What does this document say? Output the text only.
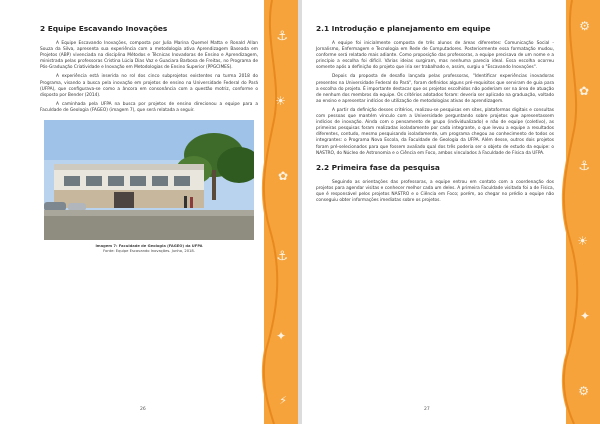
⚓
☀
✿
⚓
✦
⚡
2 Equipe Escavando Inovações

A Equipe Escavando Inovações, composta por Julia Marina Quemel Matta e Ronald Allan Souza da Silva, apresenta sua experiência com a metodologia ativa Aprendizagem Baseada em Projetos (ABP) vivenciada na disciplina Métodos e Técnicas Inovadoras de Ensino e Aprendizagem, ministrada pelas professoras Cristina Lúcia Dias Vaz e Guaciara Barbosa de Freitas, no Programa de Pós-Graduação Criatividade e Inovação em Metodologias de Ensino Superior (PPGCIMES).

A experiência está inserida no rol dos cinco subprojetos existentes na turma 2018 do Programa, visando a busca pela inovação em projetos de ensino na Universidade Federal do Pará (UFPA), que configurava-se como a âncora em consonância com a questão motriz, conforme o disposto por Bender (2014).

A caminhada pela UFPA na busca por projetos de ensino direcionou a equipe para a Faculdade de Geologia (FAGEO) (imagem 7), que será relatada a seguir.

Imagem 7: Faculdade de Geologia (FAGEO) da UFPA
Fonte: Equipe Escavando Inovações. Junho, 2018.
26
⚙
✿
⚓
☀
✦
⚙
2.1 Introdução e planejamento em equipe

A equipe foi inicialmente composta de três alunos de áreas diferentes: Comunicação Social - Jornalismo, Enfermagem e Tecnologia em Rede de Computadores. Posteriormente essa formatação mudou, conforme será relatado mais adiante. Como proposição das professoras, a equipe precisava de um nome e a princípio a escolha foi difícil. Várias ideias surgiram, mas nenhuma parecia ideal. Essa escolha ocorreu somente após a definição do projeto que iria ser trabalhado e, assim, surgiu o "Escavando Inovações".

Depois da proposta de desafio lançada pelas professoras, "Identificar experiências inovadoras presentes na Universidade Federal do Pará", foram definidos alguns pré-requisitos que serviram de guia para a escolha do projeto. É importante destacar que os projetos escolhidos não poderiam ser na área de atuação de nenhum dos membros da equipe. Os critérios adotados foram: deveria ser aplicado na graduação, voltado ao ensino e apresentar indícios de utilização de metodologias ativas de aprendizagem.

A partir da definição desses critérios, realizou-se pesquisas em sites, plataformas digitais e consultas com pessoas que mantém vínculo com a Universidade perguntando sobre projetos que apresentassem indícios de inovação. Ainda com o pensamento de grupo (individualizado) e não de equipe (coletivo), as primeiras pesquisas foram realizadas isoladamente por cada integrante, o que levou a equipe a resultados diferentes, contudo, mesmo pesquisando isoladamente, um programa chegou ao conhecimento de todos os integrantes: o Programa Nova Escola, da Faculdade de Geologia da UFPA. Além desse, outros dois projetos foram pré-selecionados para que fossem avaliado qual dos três poderia ser o objeto de estudo da equipe: o NASTRO, do Núcleo de Astronomia e o Ciência em Foco, ambos vinculados à Faculdade de Física da UFPA.

2.2 Primeira fase da pesquisa

Seguindo as orientações das professoras, a equipe entrou em contato com a coordenação dos projetos para agendar visitas e conhecer melhor cada um deles. A primeira Faculdade visitada foi a de Física, que é responsável pelos projetos NASTRO e o Ciência em Foco; porém, ao chegar no prédio a equipe não conseguiu obter informações imediatas sobre os projetos.

27
